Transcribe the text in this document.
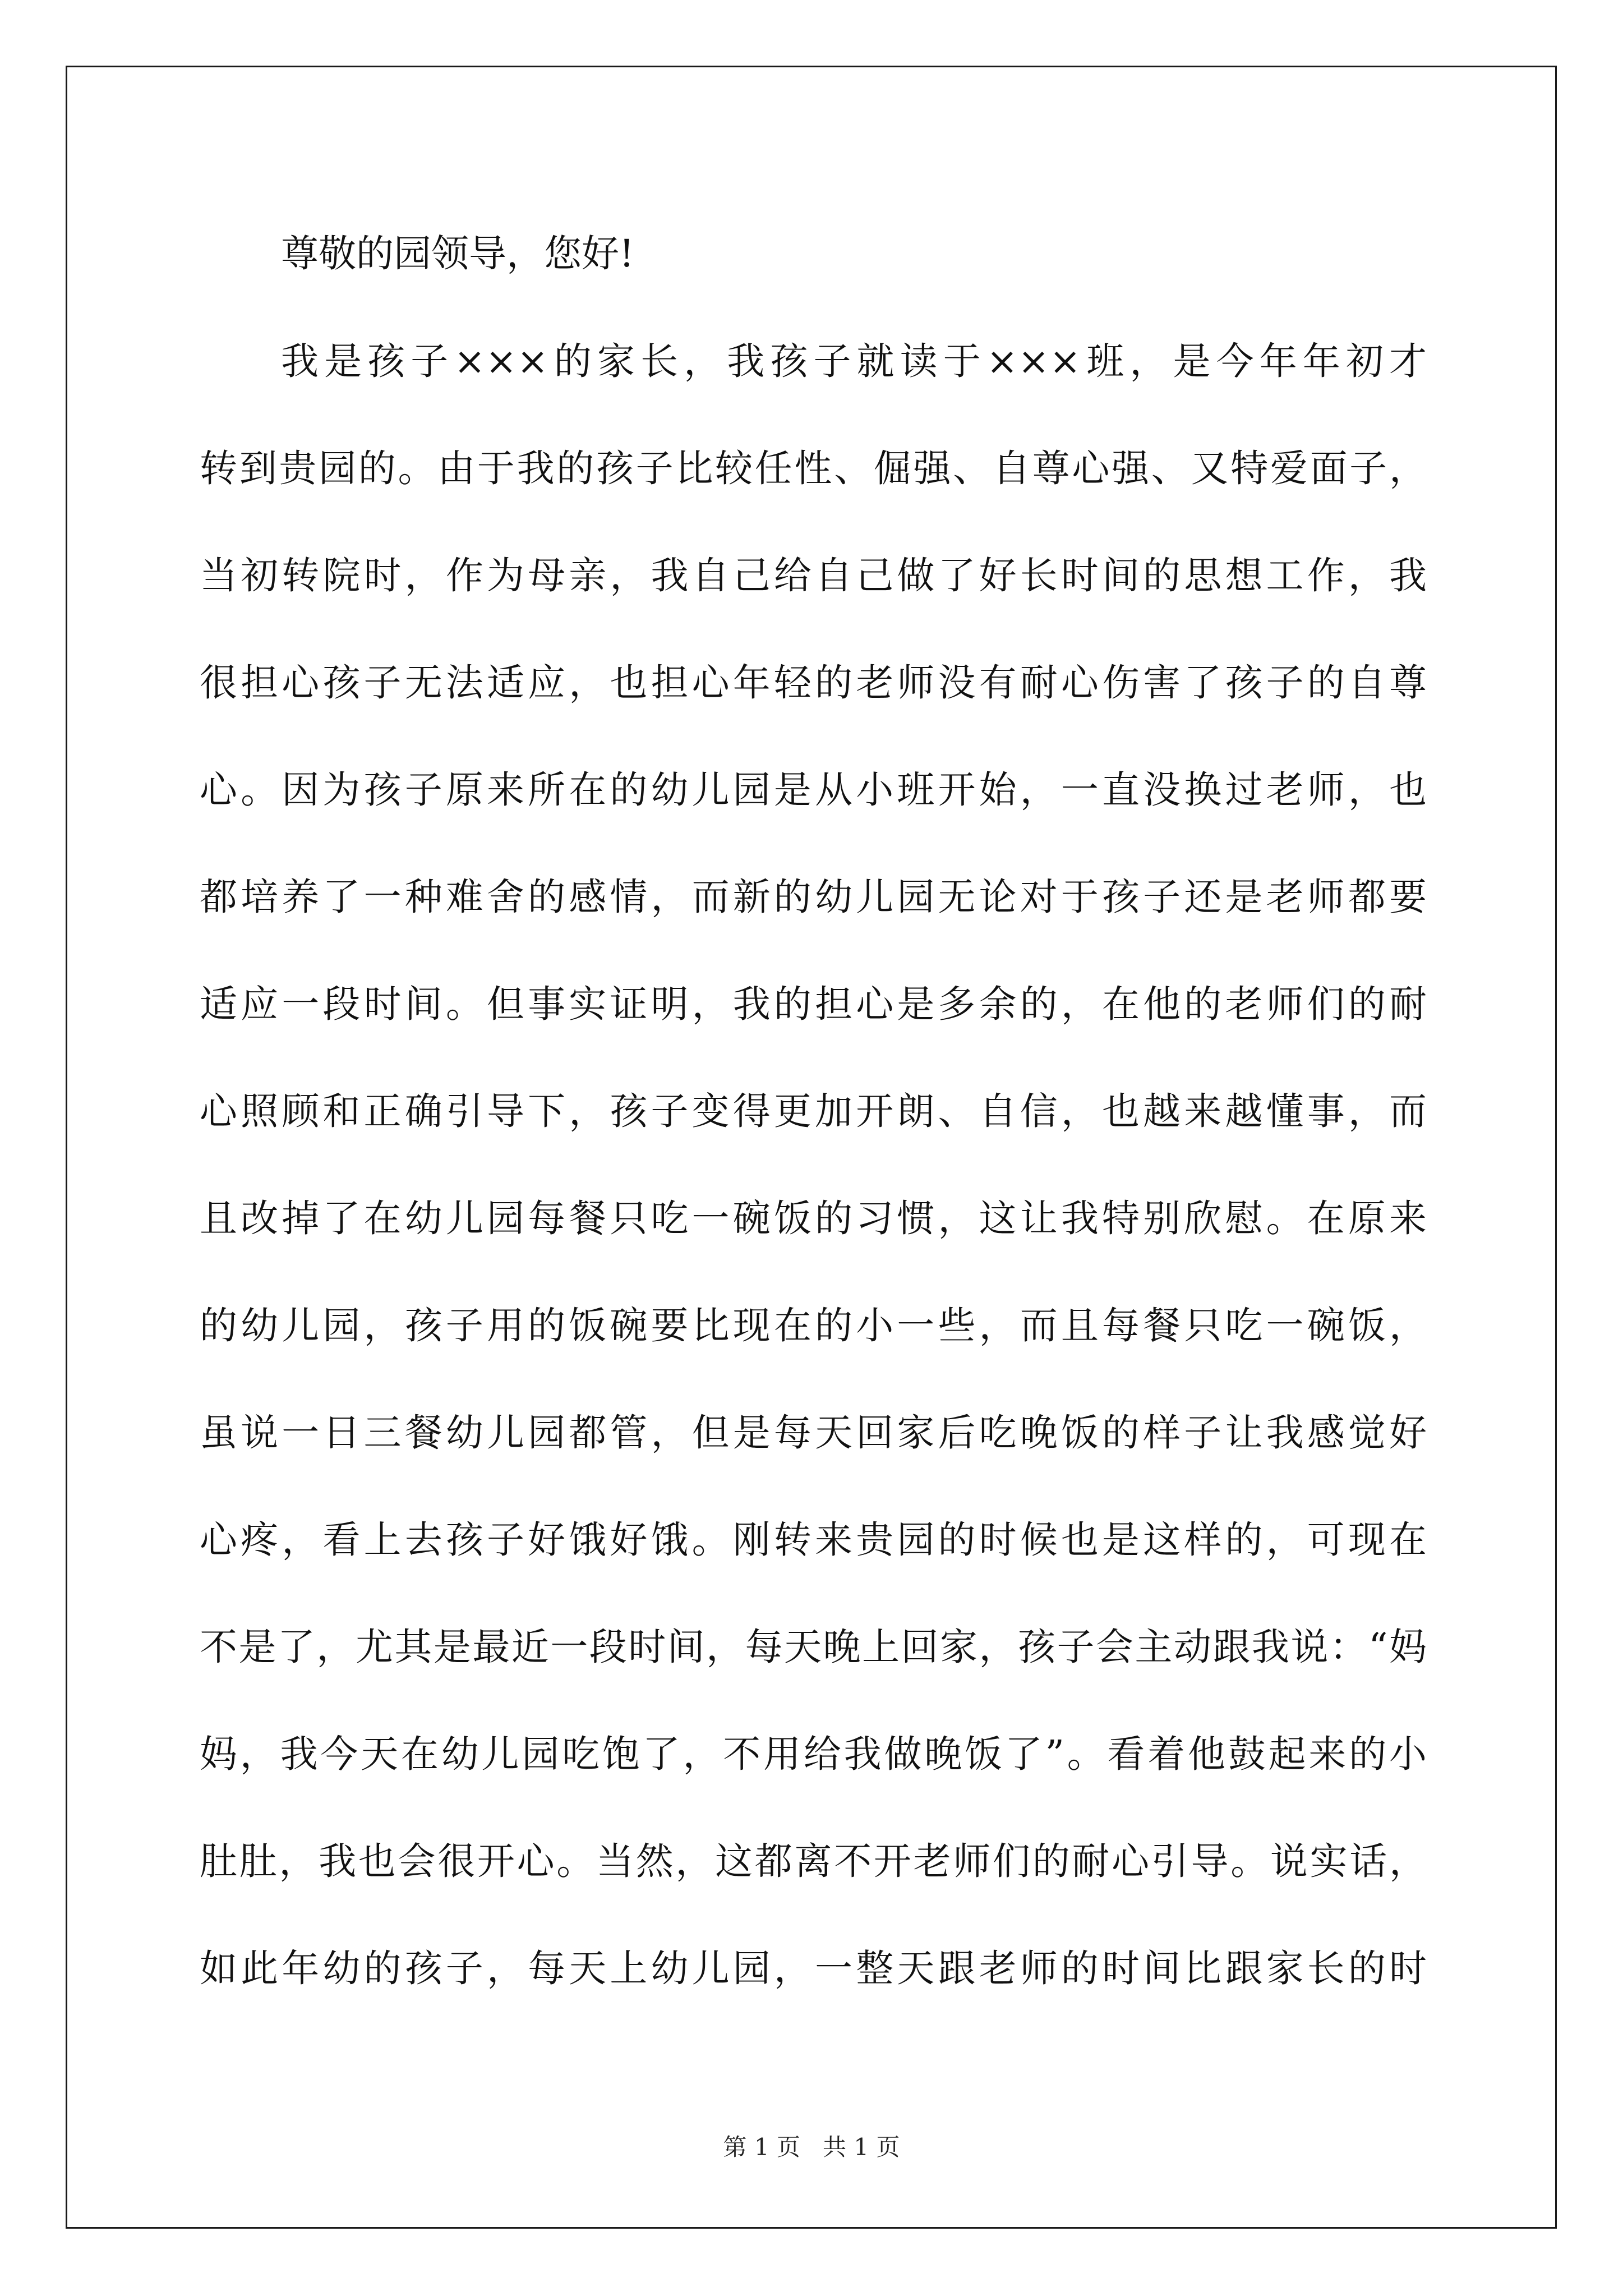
尊敬的园领导，您好!

我是孩子×××的家长，我孩子就读于×××班，是今年年初才

转到贵园的。由于我的孩子比较任性、倔强、自尊心强、又特爱面子，

当初转院时，作为母亲，我自己给自己做了好长时间的思想工作，我

很担心孩子无法适应，也担心年轻的老师没有耐心伤害了孩子的自尊

心。因为孩子原来所在的幼儿园是从小班开始，一直没换过老师，也

都培养了一种难舍的感情，而新的幼儿园无论对于孩子还是老师都要

适应一段时间。但事实证明，我的担心是多余的，在他的老师们的耐

心照顾和正确引导下，孩子变得更加开朗、自信，也越来越懂事，而

且改掉了在幼儿园每餐只吃一碗饭的习惯，这让我特别欣慰。在原来

的幼儿园，孩子用的饭碗要比现在的小一些，而且每餐只吃一碗饭，

虽说一日三餐幼儿园都管，但是每天回家后吃晚饭的样子让我感觉好

心疼，看上去孩子好饿好饿。刚转来贵园的时候也是这样的，可现在

不是了，尤其是最近一段时间，每天晚上回家，孩子会主动跟我说：“妈

妈，我今天在幼儿园吃饱了，不用给我做晚饭了”。看着他鼓起来的小

肚肚，我也会很开心。当然，这都离不开老师们的耐心引导。说实话，

如此年幼的孩子，每天上幼儿园，一整天跟老师的时间比跟家长的时

第 1 页   共 1 页
